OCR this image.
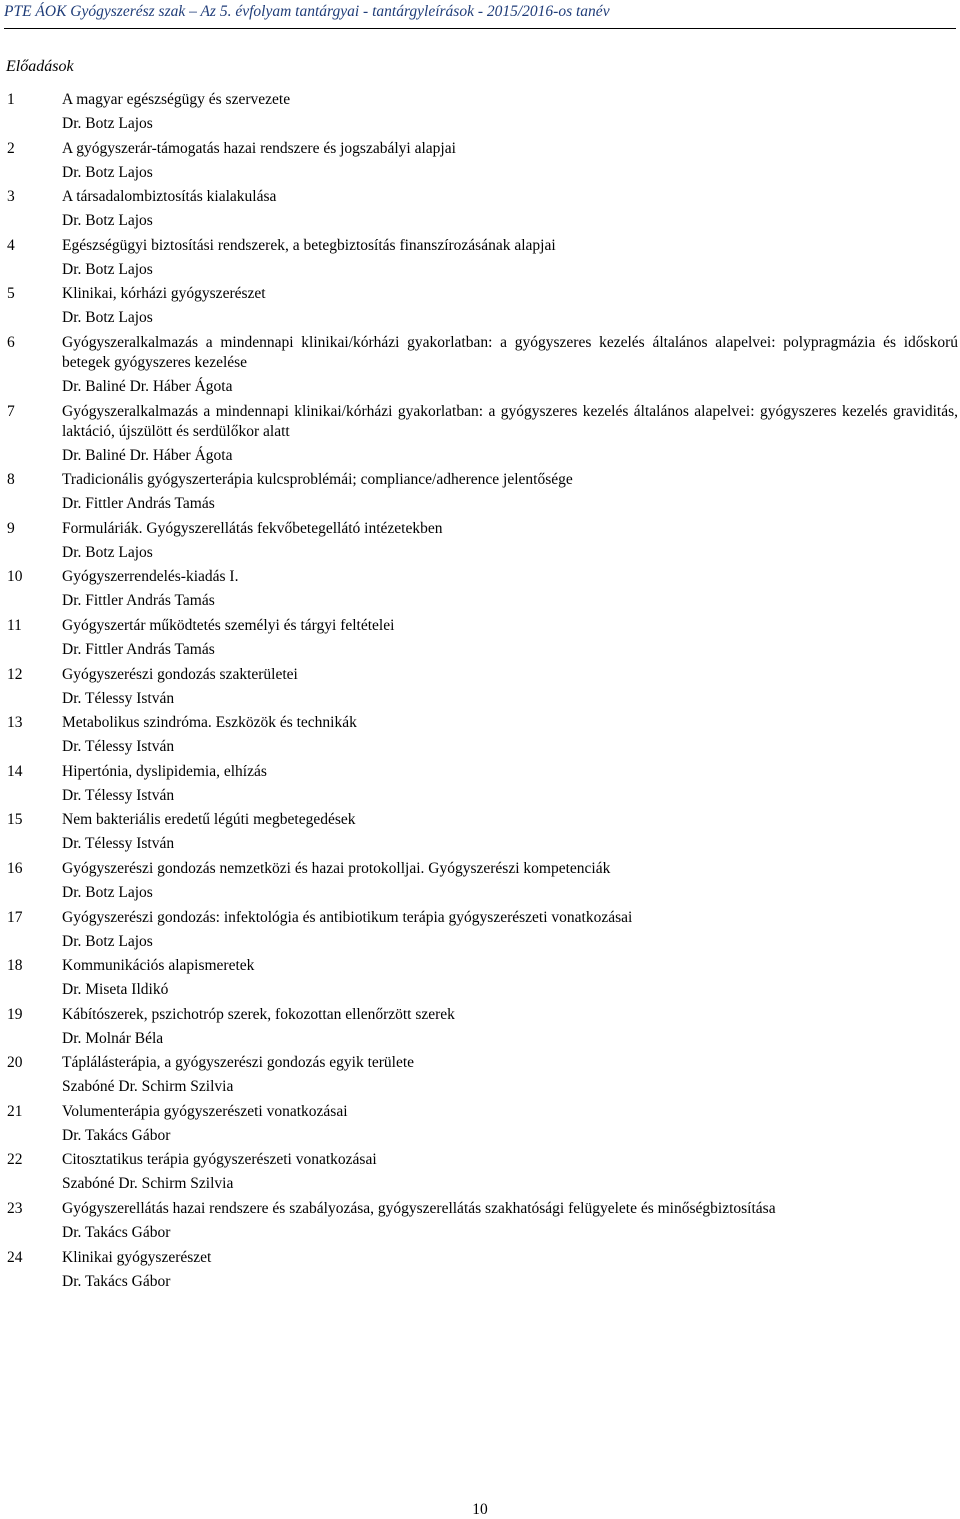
PTE ÁOK Gyógyszerész szak – Az 5. évfolyam tantárgyai - tantárgyleírások - 2015/2016-os tanév
Előadások
1	A magyar egészségügy és szervezete
Dr. Botz Lajos
2	A gyógyszerár-támogatás hazai rendszere és jogszabályi alapjai
Dr. Botz Lajos
3	A társadalombiztosítás kialakulása
Dr. Botz Lajos
4	Egészségügyi biztosítási rendszerek, a betegbiztosítás finanszírozásának alapjai
Dr. Botz Lajos
5	Klinikai, kórházi gyógyszerészet
Dr. Botz Lajos
6	Gyógyszeralkalmazás a mindennapi klinikai/kórházi gyakorlatban: a gyógyszeres kezelés általános alapelvei: polypragmázia és időskorú betegek gyógyszeres kezelése
Dr. Baliné Dr. Háber Ágota
7	Gyógyszeralkalmazás a mindennapi klinikai/kórházi gyakorlatban: a gyógyszeres kezelés általános alapelvei: gyógyszeres kezelés graviditás, laktáció, újszülött és serdülőkor alatt
Dr. Baliné Dr. Háber Ágota
8	Tradicionális gyógyszerterápia kulcsproblémái; compliance/adherence jelentősége
Dr. Fittler András Tamás
9	Formuláriák. Gyógyszerellátás fekvőbetegellátó intézetekben
Dr. Botz Lajos
10	Gyógyszerrendelés-kiadás I.
Dr. Fittler András Tamás
11	Gyógyszertár működtetés személyi és tárgyi feltételei
Dr. Fittler András Tamás
12	Gyógyszerészi gondozás szakterületei
Dr. Télessy István
13	Metabolikus szindróma. Eszközök és technikák
Dr. Télessy István
14	Hipertónia, dyslipidemia, elhízás
Dr. Télessy István
15	Nem bakteriális eredetű légúti megbetegedések
Dr. Télessy István
16	Gyógyszerészi gondozás nemzetközi és hazai protokolljai. Gyógyszerészi kompetenciák
Dr. Botz Lajos
17	Gyógyszerészi gondozás: infektológia és antibiotikum terápia gyógyszerészeti vonatkozásai
Dr. Botz Lajos
18	Kommunikációs alapismeretek
Dr. Miseta Ildikó
19	Kábítószerek, pszichotróp szerek, fokozottan ellenőrzött szerek
Dr. Molnár Béla
20	Táplálásterápia, a gyógyszerészi gondozás egyik területe
Szabóné Dr. Schirm Szilvia
21	Volumenterápia gyógyszerészeti vonatkozásai
Dr. Takács Gábor
22	Citosztatikus terápia gyógyszerészeti vonatkozásai
Szabóné Dr. Schirm Szilvia
23	Gyógyszerellátás hazai rendszere és szabályozása, gyógyszerellátás szakhatósági felügyelete és minőségbiztosítása
Dr. Takács Gábor
24	Klinikai gyógyszerészet
Dr. Takács Gábor
10
